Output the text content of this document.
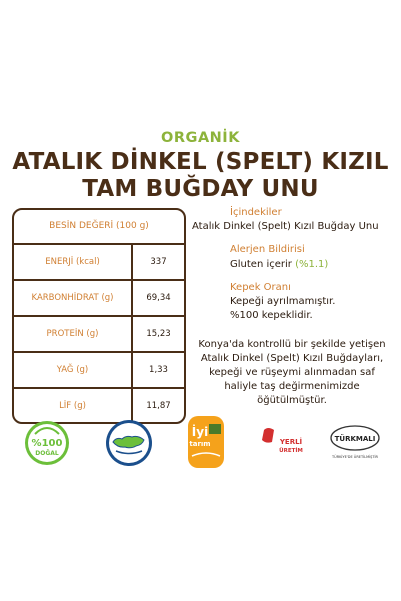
ORGANİK
ATALIK DİNKEL (SPELT) KIZIL
TAM BUĞDAY UNU
BESİN DEĞERİ (100 g)
ENERJİ (kcal)	337
KARBONHİDRAT (g)	69,34
PROTEİN (g)	15,23
YAĞ (g)	1,33
LİF (g)	11,87
İçindekiler
Atalık Dinkel (Spelt) Kızıl Buğday Unu
Alerjen Bildirisi
Gluten içerir (%1.1)
Kepek Oranı
Kepeği ayrılmamıştır.
%100 kepeklidir.
Konya'da kontrollü bir şekilde yetişen
Atalık Dinkel (Spelt) Kızıl Buğdayları,
kepeği ve rüşeymi alınmadan saf
haliyle taş değirmenimizde
öğütülmüştür.
%100
DOĞAL
İyi
tarım	YERLİ
ÜRETİM
TÜRKMALI
TÜRKİYE'DE ÜRETİLMİŞTİR
